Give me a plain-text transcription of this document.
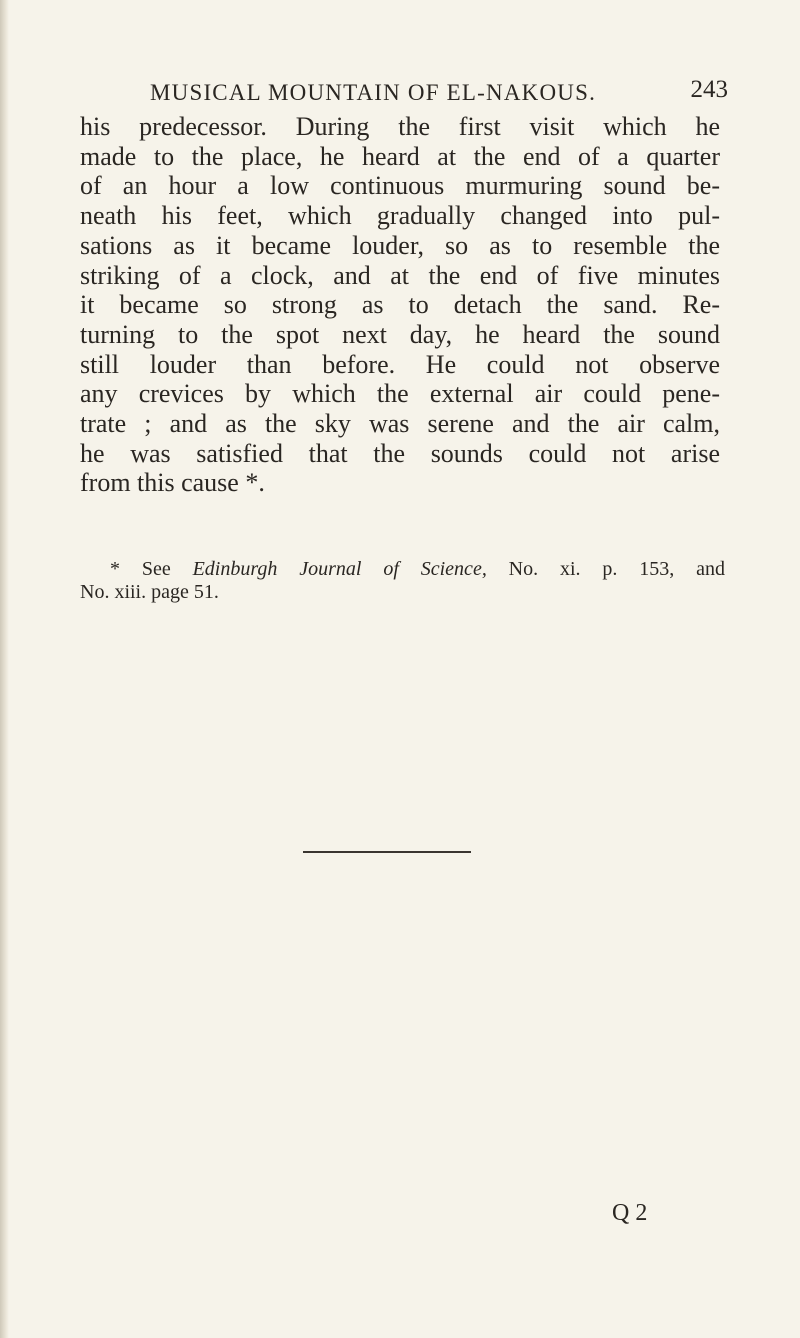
MUSICAL MOUNTAIN OF EL-NAKOUS.	243

his predecessor. During the first visit which he
made to the place, he heard at the end of a quarter
of an hour a low continuous murmuring sound be-
neath his feet, which gradually changed into pul-
sations as it became louder, so as to resemble the
striking of a clock, and at the end of five minutes
it became so strong as to detach the sand. Re-
turning to the spot next day, he heard the sound
still louder than before. He could not observe
any crevices by which the external air could pene-
trate ; and as the sky was serene and the air calm,
he was satisfied that the sounds could not arise
from this cause *.

* See Edinburgh Journal of Science, No. xi. p. 153, and
No. xiii. page 51.

Q 2
